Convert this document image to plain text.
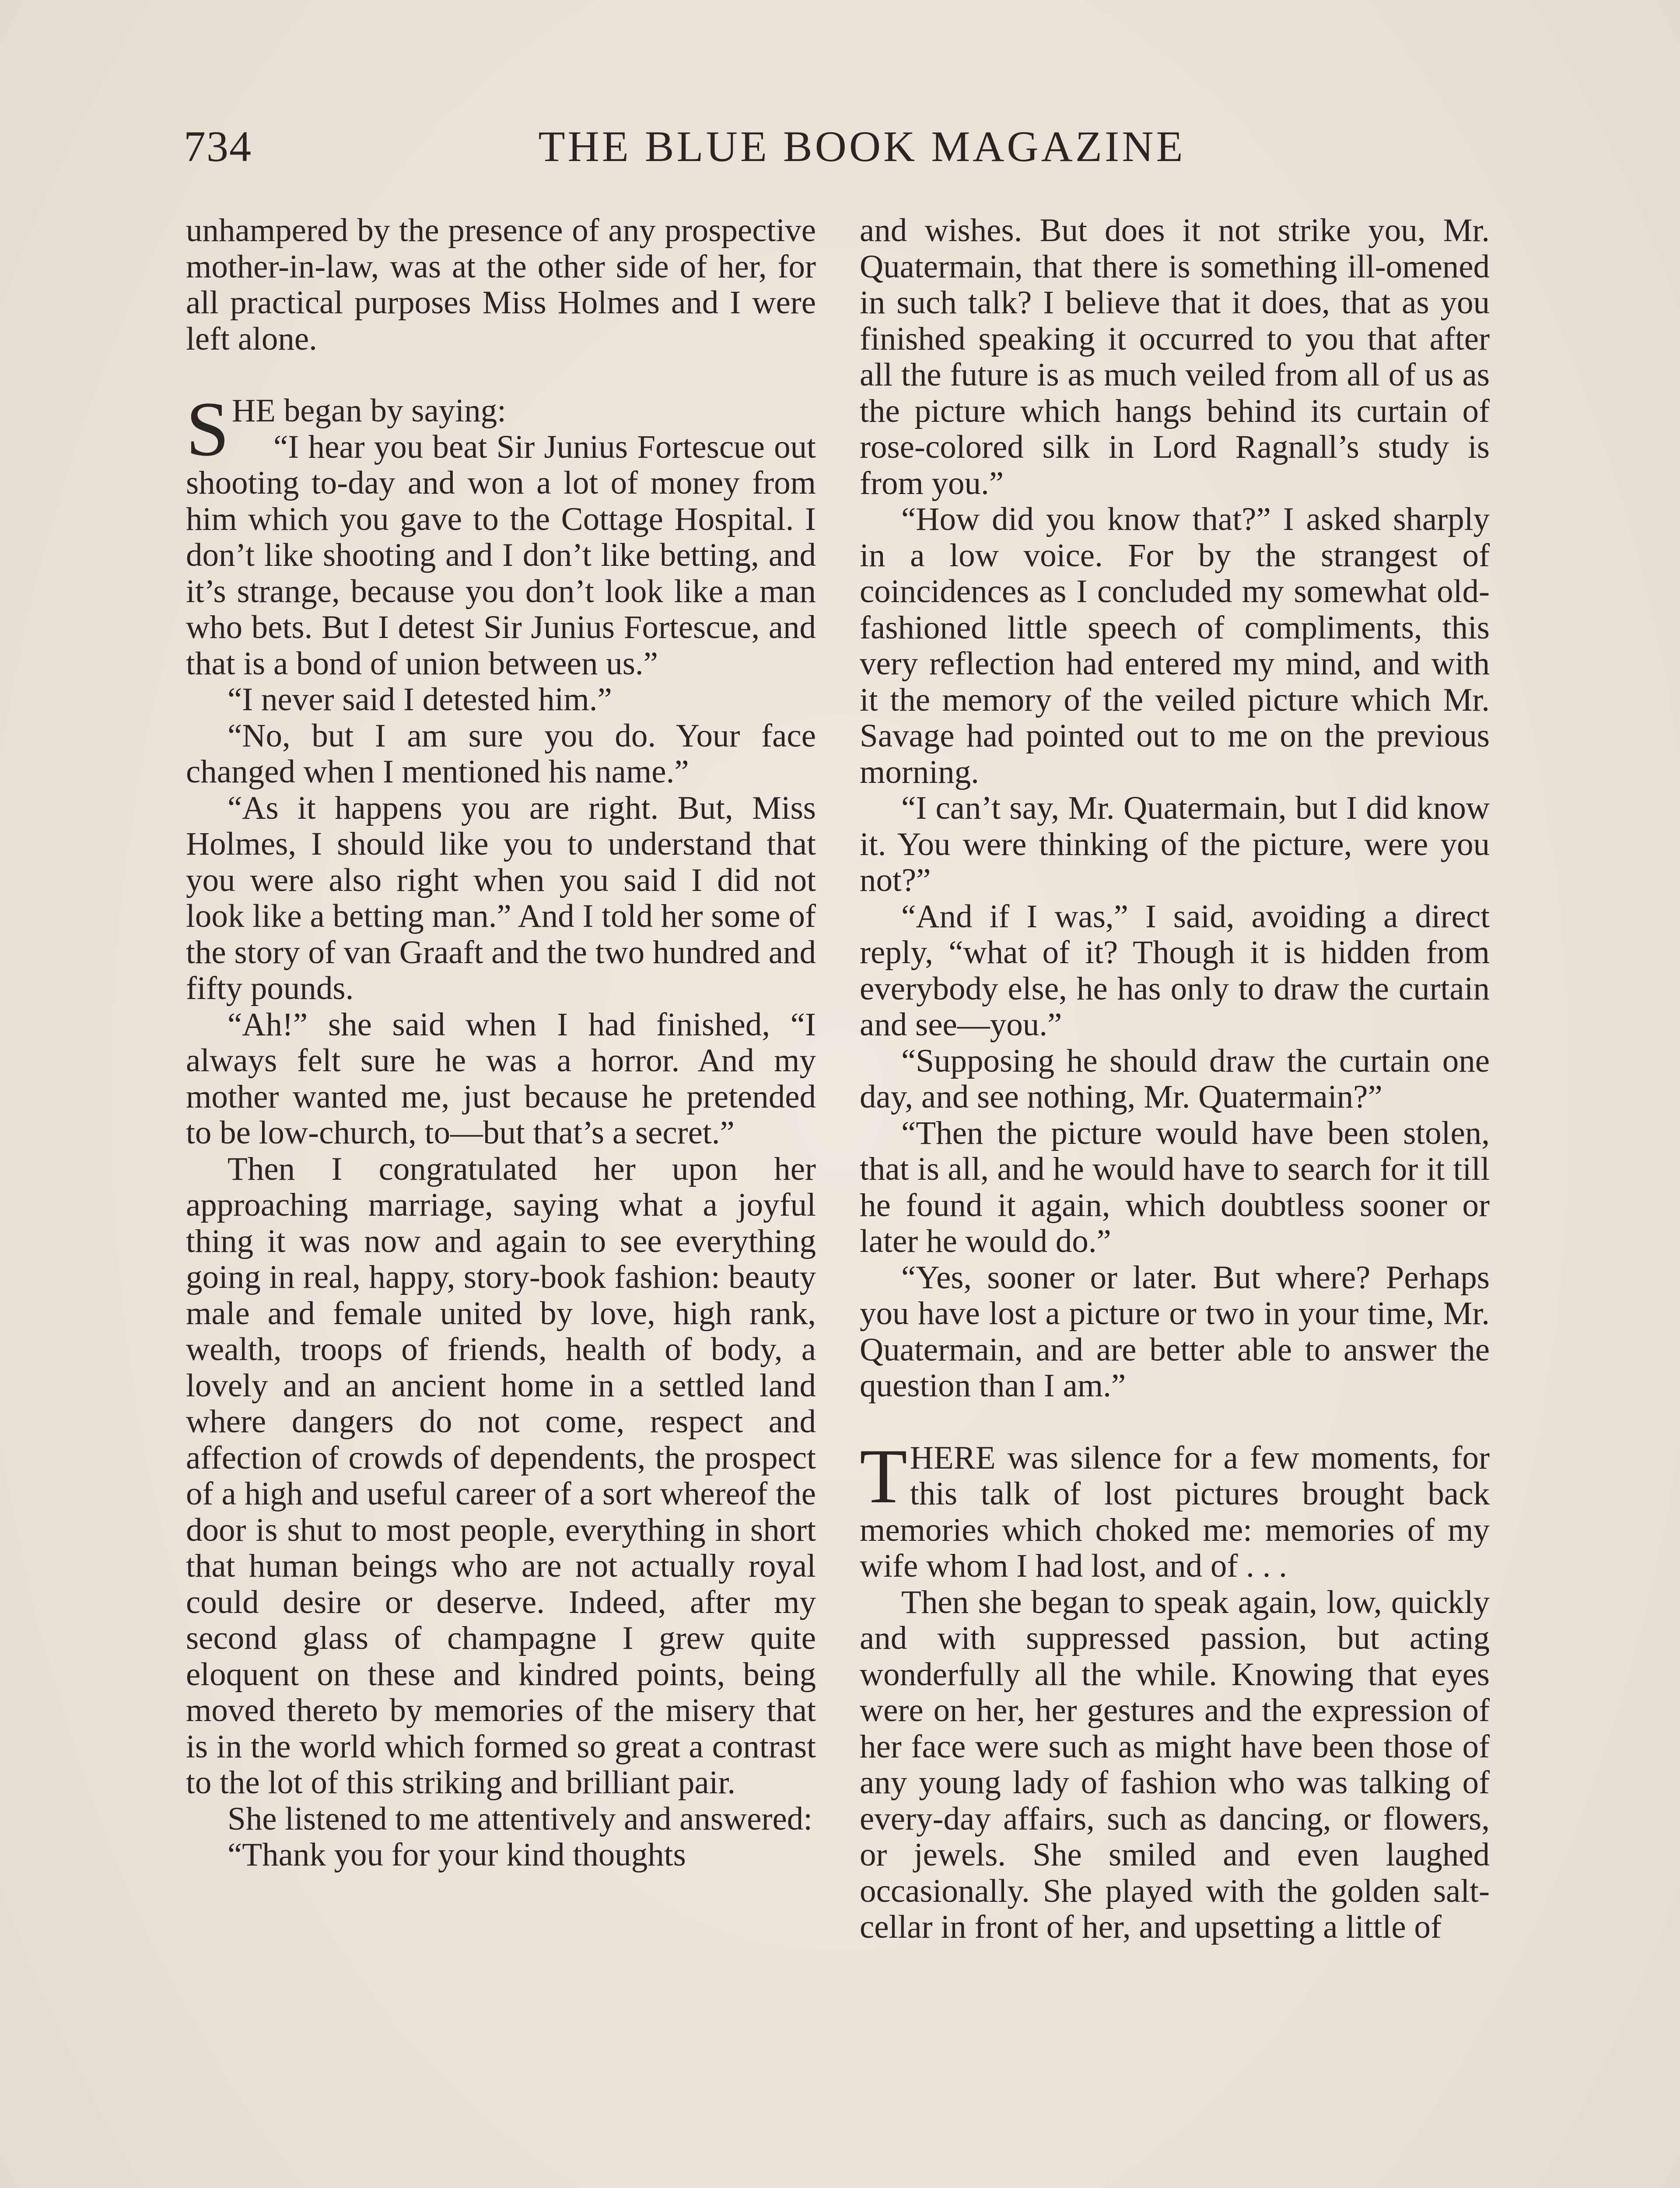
734	THE BLUE BOOK MAGAZINE

unhampered by the presence of any prospective mother-in-law, was at the other side of her, for all practical purposes Miss Holmes and I were left alone.

SHE began by saying:

“I hear you beat Sir Junius Fortescue out shooting to-day and won a lot of money from him which you gave to the Cottage Hospital. I don’t like shooting and I don’t like betting, and it’s strange, because you don’t look like a man who bets. But I detest Sir Junius Fortescue, and that is a bond of union between us.”

“I never said I detested him.”

“No, but I am sure you do. Your face changed when I mentioned his name.”

“As it happens you are right. But, Miss Holmes, I should like you to understand that you were also right when you said I did not look like a betting man.” And I told her some of the story of van Graaft and the two hundred and fifty pounds.

“Ah!” she said when I had finished, “I always felt sure he was a horror. And my mother wanted me, just because he pretended to be low-church, to—but that’s a secret.”

Then I congratulated her upon her approaching marriage, saying what a joyful thing it was now and again to see everything going in real, happy, story-book fashion: beauty male and female united by love, high rank, wealth, troops of friends, health of body, a lovely and an ancient home in a settled land where dangers do not come, respect and affection of crowds of dependents, the prospect of a high and useful career of a sort whereof the door is shut to most people, everything in short that human beings who are not actually royal could desire or deserve. Indeed, after my second glass of champagne I grew quite eloquent on these and kindred points, being moved thereto by memories of the misery that is in the world which formed so great a contrast to the lot of this striking and brilliant pair.

She listened to me attentively and answered:

“Thank you for your kind thoughts

and wishes. But does it not strike you, Mr. Quatermain, that there is something ill-omened in such talk? I believe that it does, that as you finished speaking it occurred to you that after all the future is as much veiled from all of us as the picture which hangs behind its curtain of rose-colored silk in Lord Ragnall’s study is from you.”

“How did you know that?” I asked sharply in a low voice. For by the strangest of coincidences as I concluded my somewhat old-fashioned little speech of compliments, this very reflection had entered my mind, and with it the memory of the veiled picture which Mr. Savage had pointed out to me on the previous morning.

“I can’t say, Mr. Quatermain, but I did know it. You were thinking of the picture, were you not?”

“And if I was,” I said, avoiding a direct reply, “what of it? Though it is hidden from everybody else, he has only to draw the curtain and see—you.”

“Supposing he should draw the curtain one day, and see nothing, Mr. Quatermain?”

“Then the picture would have been stolen, that is all, and he would have to search for it till he found it again, which doubtless sooner or later he would do.”

“Yes, sooner or later. But where? Perhaps you have lost a picture or two in your time, Mr. Quatermain, and are better able to answer the question than I am.”

THERE was silence for a few moments, for this talk of lost pictures brought back memories which choked me: memories of my wife whom I had lost, and of . . .

Then she began to speak again, low, quickly and with suppressed passion, but acting wonderfully all the while. Knowing that eyes were on her, her gestures and the expression of her face were such as might have been those of any young lady of fashion who was talking of every-day affairs, such as dancing, or flowers, or jewels. She smiled and even laughed occasionally. She played with the golden salt-cellar in front of her, and upsetting a little of
